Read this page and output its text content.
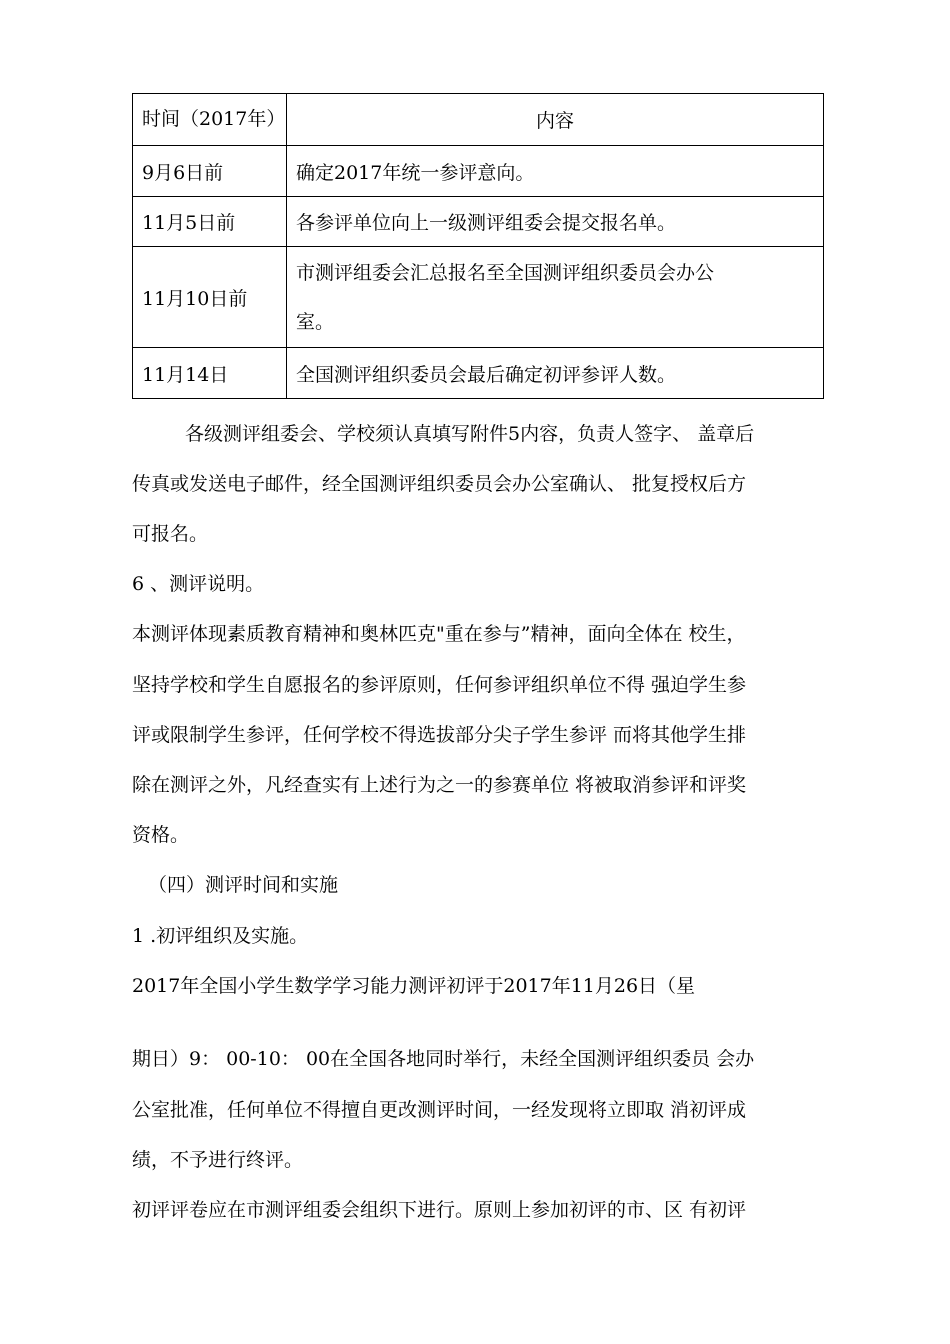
时间（2017年）	内容
9月6日前	确定2017年统一参评意向。
11月5日前	各参评单位向上一级测评组委会提交报名单。
11月10日前	市测评组委会汇总报名至全国测评组织委员会办公
室。

11月14日	全国测评组织委员会最后确定初评参评人数。
各级测评组委会、学校须认真填写附件5内容，负责人签字、 盖章后
传真或发送电子邮件，经全国测评组织委员会办公室确认、 批复授权后方
可报名。
6 、测评说明。
本测评体现素质教育精神和奥林匹克"重在参与”精神，面向全体在 校生，
坚持学校和学生自愿报名的参评原则，任何参评组织单位不得 强迫学生参
评或限制学生参评，任何学校不得选拔部分尖子学生参评 而将其他学生排
除在测评之外，凡经查实有上述行为之一的参赛单位 将被取消参评和评奖
资格。
（四）测评时间和实施
1 .初评组织及实施。
2017年全国小学生数学学习能力测评初评于2017年11月26日（星
期日）9： 00-10： 00在全国各地同时举行，未经全国测评组织委员 会办
公室批准，任何单位不得擅自更改测评时间，一经发现将立即取 消初评成
绩，不予进行终评。
初评评卷应在市测评组委会组织下进行。原则上参加初评的市、区 有初评
